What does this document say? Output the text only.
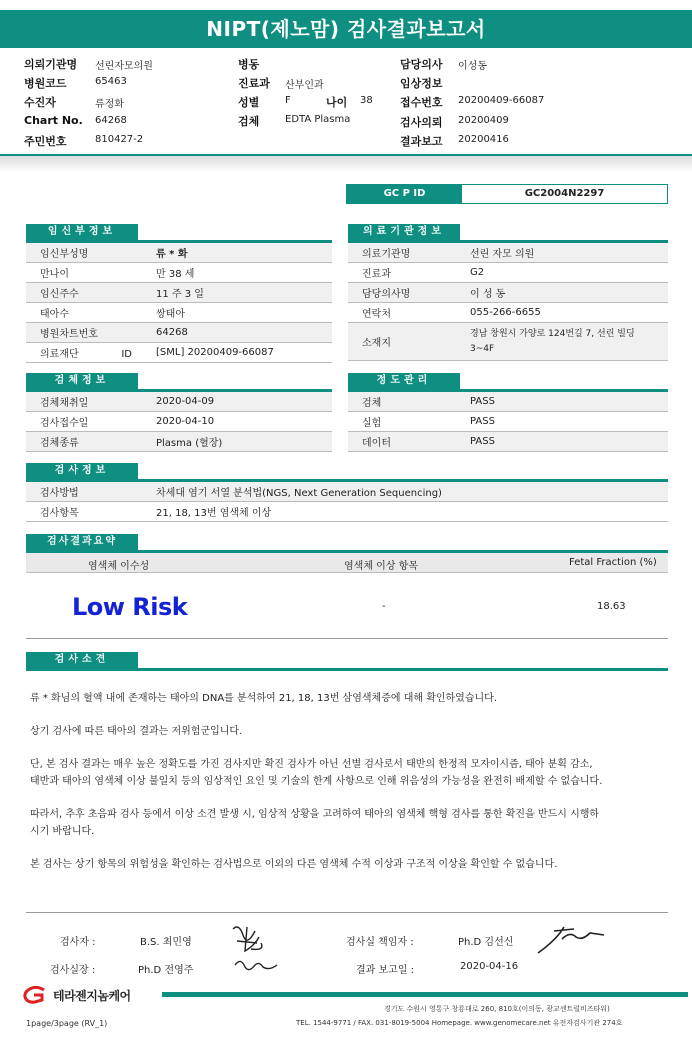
NIPT(제노맘) 검사결과보고서
의뢰기관명 선린자모의원
병원코드	65463
수진자	류정화
Chart No. 64268
주민번호	810427-2
병동
진료과 산부인과
성별	F	나이 38
검체	EDTA Plasma
담당의사 이성동
임상정보
접수번호 20200409-66087
검사의뢰 20200409
결과보고 20200416
GC P ID	GC2004N2297
임신부정보
임신부성명	류 * 화
만나이	만 38 세
임신주수	11 주 3 일
태아수	쌍태아
병원차트번호	64268
의료재단 ID	[SML] 20200409-66087
의료기관정보
의료기관명	선린 자모 의원
진료과	G2
담당의사명	이 성 동
연락처	055-266-6655
소재지
경남 창원시 가양로 124번길 7, 선린 빌딩 3~4F
검체정보
검체채취일	2020-04-09
검사접수일	2020-04-10
검체종류	Plasma (혈장)
정도관리
검체	PASS
실험	PASS
데이터	PASS
검사정보
검사방법	차세대 염기 서열 분석법(NGS, Next Generation Sequencing)
검사항목	21, 18, 13번 염색체 이상
검사결과요약
염색체 이수성	염색체 이상 항목	Fetal Fraction (%)
Low Risk	-	18.63
검사소견

류 * 화님의 혈액 내에 존재하는 태아의 DNA를 분석하여 21, 18, 13번 삼염색체증에 대해 확인하였습니다.

상기 검사에 따른 태아의 결과는 저위험군입니다.

단, 본 검사 결과는 매우 높은 정확도를 가진 검사지만 확진 검사가 아닌 선별 검사로서 태반의 한정적 모자이시즘, 태아 분획 감소,

태반과 태아의 염색체 이상 불일치 등의 임상적인 요인 및 기술의 한계 사항으로 인해 위음성의 가능성을 완전히 배제할 수 없습니다.

따라서, 추후 초음파 검사 등에서 이상 소견 발생 시, 임상적 상황을 고려하여 태아의 염색체 핵형 검사를 통한 확진을 반드시 시행하

시기 바랍니다.

본 검사는 상기 항목의 위험성을 확인하는 검사법으로 이외의 다른 염색체 수적 이상과 구조적 이상을 확인할 수 없습니다.

검사자 :	B.S. 최민영
검사실장 :	Ph.D 전영주
검사실 책임자 :	Ph.D 김선신
결과 보고일 :	2020-04-16
테라젠지놈케어
경기도 수원시 영통구 창룡대로 260, 810호(이의동, 광교센트럴비즈타워)
TEL. 1544-9771 / FAX. 031-8019-5004 Homepage. www.genomecare.net 유전자검사기관 274호
1page/3page (RV_1)
